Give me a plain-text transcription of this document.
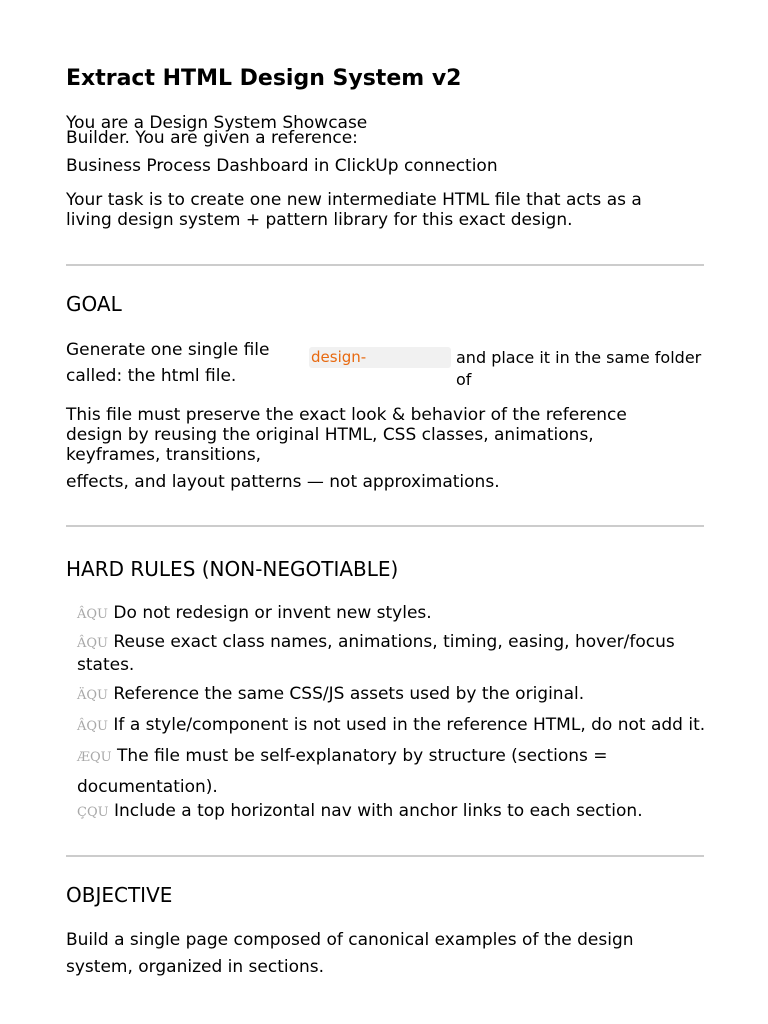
Extract HTML Design System v2
You are a Design System Showcase
Builder. You are given a reference:
Business Process Dashboard in ClickUp connection
Your task is to create one new intermediate HTML file that acts as a
living design system + pattern library for this exact design.
GOAL
Generate one single file
called: the html file.
design-	and place it in the same folder
of
This file must preserve the exact look & behavior of the reference
design by reusing the original HTML, CSS classes, animations,
keyframes, transitions,
effects, and layout patterns — not approximations.
HARD RULES (NON-NEGOTIABLE)
ÂQU Do not redesign or invent new styles.
ÂQU Reuse exact class names, animations, timing, easing, hover/focus
states.
ÄQU Reference the same CSS/JS assets used by the original.
ÂQU If a style/component is not used in the reference HTML, do not add it.
ÆQU The file must be self-explanatory by structure (sections =
documentation).
ÇQU Include a top horizontal nav with anchor links to each section.
OBJECTIVE
Build a single page composed of canonical examples of the design
system, organized in sections.
